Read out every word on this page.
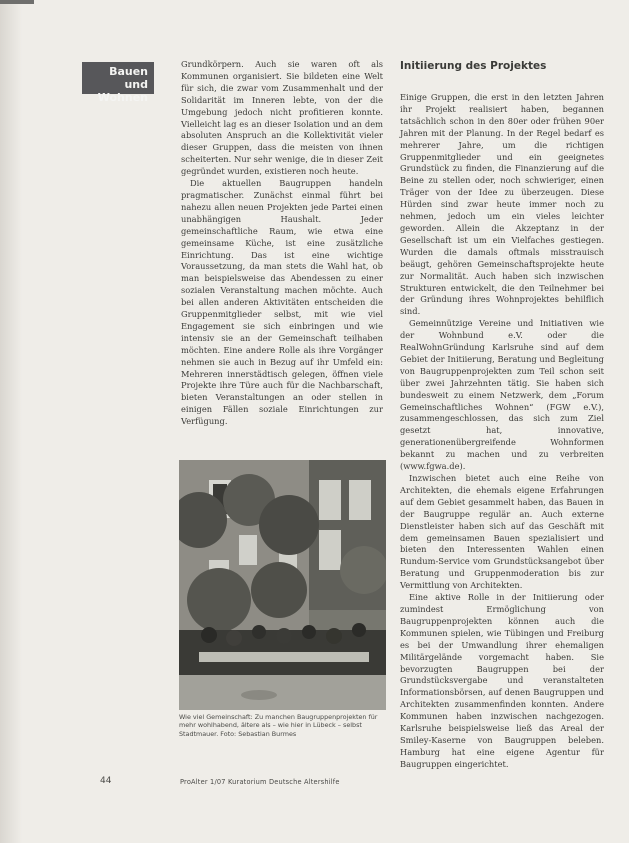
Bauen und
Wohnen

Grundkörpern. Auch sie waren oft als Kommunen organisiert. Sie bildeten eine Welt für sich, die zwar vom Zusammenhalt und der Solidarität im Inneren lebte, von der die Umgebung jedoch nicht profitieren konnte. Vielleicht lag es an dieser Isolation und an dem absoluten Anspruch an die Kollektivität vieler dieser Gruppen, dass die meisten von ihnen scheiterten. Nur sehr wenige, die in dieser Zeit gegründet wurden, existieren noch heute.

Die aktuellen Baugruppen handeln pragmatischer. Zunächst einmal führt bei nahezu allen neuen Projekten jede Partei einen unabhängigen Haushalt. Jeder gemeinschaftliche Raum, wie etwa eine gemeinsame Küche, ist eine zusätzliche Einrichtung. Das ist eine wichtige Voraussetzung, da man stets die Wahl hat, ob man beispielsweise das Abendessen zu einer sozialen Veranstaltung machen möchte. Auch bei allen anderen Aktivitäten entscheiden die Gruppenmitglieder selbst, mit wie viel Engagement sie sich einbringen und wie intensiv sie an der Gemeinschaft teilhaben möchten. Eine andere Rolle als ihre Vorgänger nehmen sie auch in Bezug auf ihr Umfeld ein: Mehreren innerstädtisch gelegen, öffnen viele Projekte ihre Türe auch für die Nachbarschaft, bieten Veranstaltungen an oder stellen in einigen Fällen soziale Einrichtungen zur Verfügung.

Initiierung des Projektes

Einige Gruppen, die erst in den letzten Jahren ihr Projekt realisiert haben, begannen tatsächlich schon in den 80er oder frühen 90er Jahren mit der Planung. In der Regel bedarf es mehrerer Jahre, um die richtigen Gruppenmitglieder und ein geeignetes Grundstück zu finden, die Finanzierung auf die Beine zu stellen oder, noch schwieriger, einen Träger von der Idee zu überzeugen. Diese Hürden sind zwar heute immer noch zu nehmen, jedoch um ein vieles leichter geworden. Allein die Akzeptanz in der Gesellschaft ist um ein Vielfaches gestiegen. Wurden die damals oftmals misstrauisch beäugt, gehören Gemeinschaftsprojekte heute zur Normalität. Auch haben sich inzwischen Strukturen entwickelt, die den Teilnehmer bei der Gründung ihres Wohnprojektes behilflich sind.

Gemeinnützige Vereine und Initiativen wie der Wohnbund e.V. oder die RealWohnGründung Karlsruhe sind auf dem Gebiet der Initiierung, Beratung und Begleitung von Baugruppenprojekten zum Teil schon seit über zwei Jahrzehnten tätig. Sie haben sich bundesweit zu einem Netzwerk, dem „Forum Gemeinschaftliches Wohnen“ (FGW e.V.), zusammengeschlossen, das sich zum Ziel gesetzt hat, innovative, generationenübergreifende Wohnformen bekannt zu machen und zu verbreiten (www.fgwa.de).

Inzwischen bietet auch eine Reihe von Architekten, die ehemals eigene Erfahrungen auf dem Gebiet gesammelt haben, das Bauen in der Baugruppe regulär an. Auch externe Dienstleister haben sich auf das Geschäft mit dem gemeinsamen Bauen spezialisiert und bieten den Interessenten Wahlen einen Rundum-Service vom Grundstücksangebot über Beratung und Gruppenmoderation bis zur Vermittlung von Architekten.

Eine aktive Rolle in der Initiierung oder zumindest Ermöglichung von Baugruppenprojekten können auch die Kommunen spielen, wie Tübingen und Freiburg es bei der Umwandlung ihrer ehemaligen Militärgelände vorgemacht haben. Sie bevorzugten Baugruppen bei der Grundstücksvergabe und veranstalteten Informationsbörsen, auf denen Baugruppen und Architekten zusammenfinden konnten. Andere Kommunen haben inzwischen nachgezogen. Karlsruhe beispielsweise ließ das Areal der Smiley-Kaserne von Baugruppen beleben. Hamburg hat eine eigene Agentur für Baugruppen eingerichtet.

Wie viel Gemeinschaft: Zu manchen Baugruppenprojekten für mehr wohlhabend, ältere als – wie hier in Lübeck – selbst Stadtmauer. Foto: Sebastian Burmes
44	ProAlter 1/07 Kuratorium Deutsche Altershilfe
